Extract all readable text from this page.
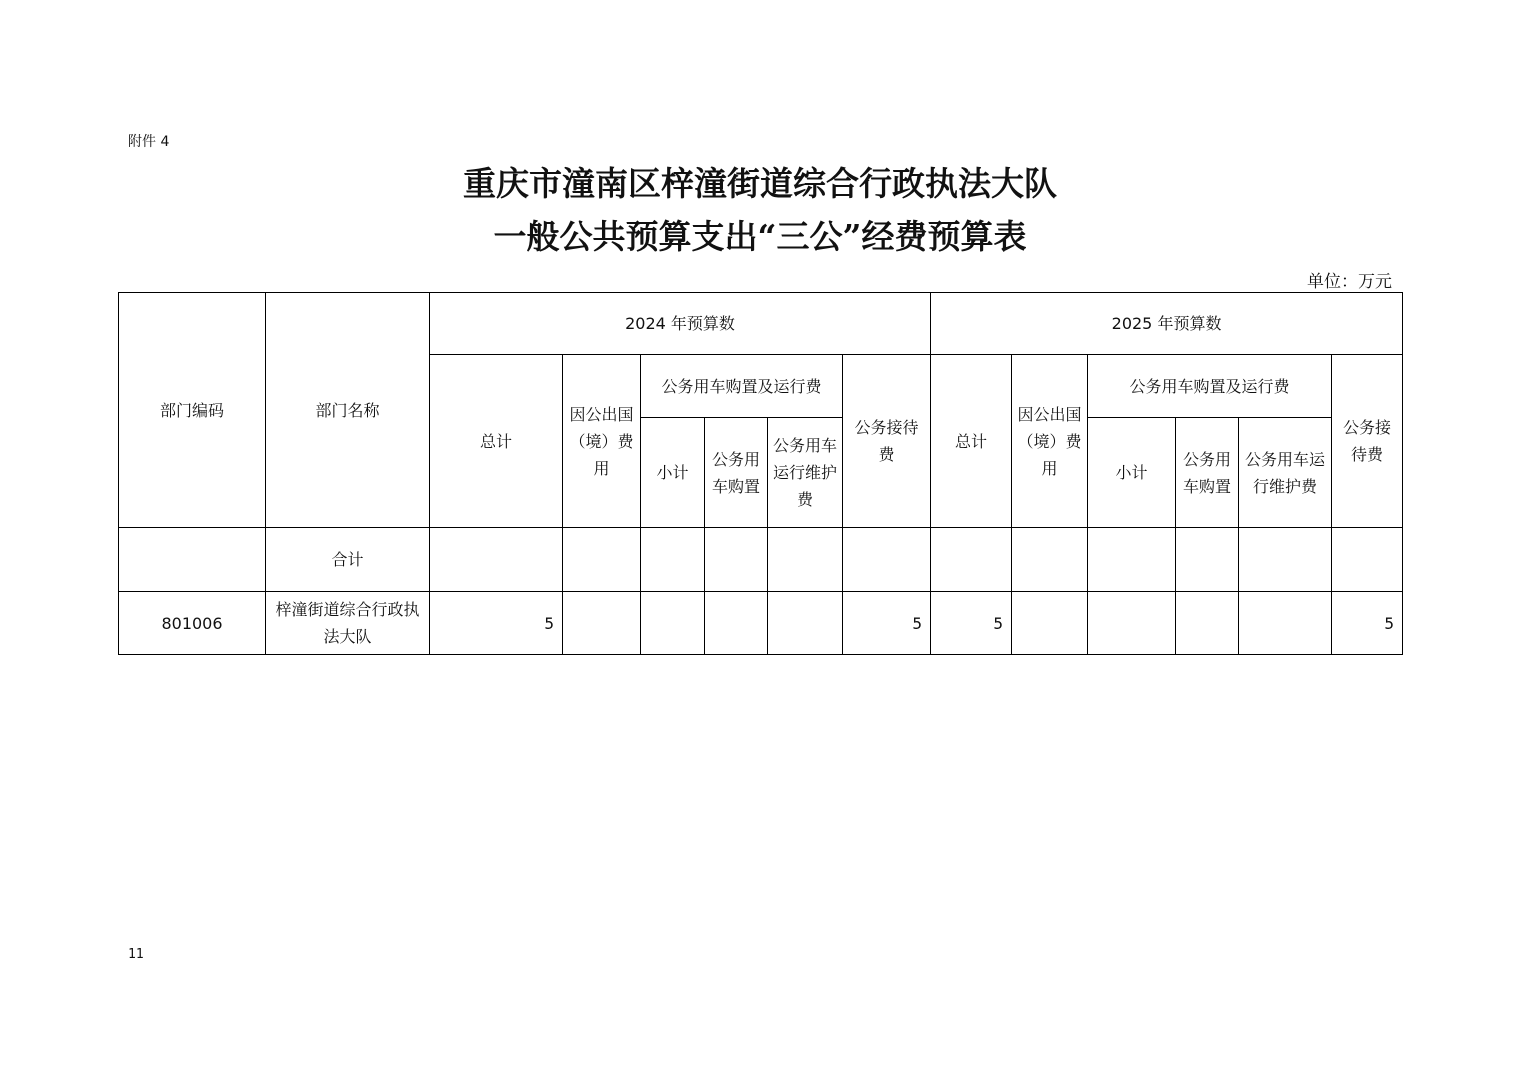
附件 4
重庆市潼南区梓潼街道综合行政执法大队
一般公共预算支出“三公”经费预算表
单位：万元
部门编码	部门名称	2024 年预算数						2025 年预算数					
		总计	因公出国（境）费用	公务用车购置及运行费			公务接待费	总计	因公出国（境）费用	公务用车购置及运行费			公务接待费
				小计	公务用车购置	公务用车运行维护费				小计	公务用车购置	公务用车运行维护费	
	合计												
801006	梓潼街道综合行政执法大队	5					5	5					5
11
